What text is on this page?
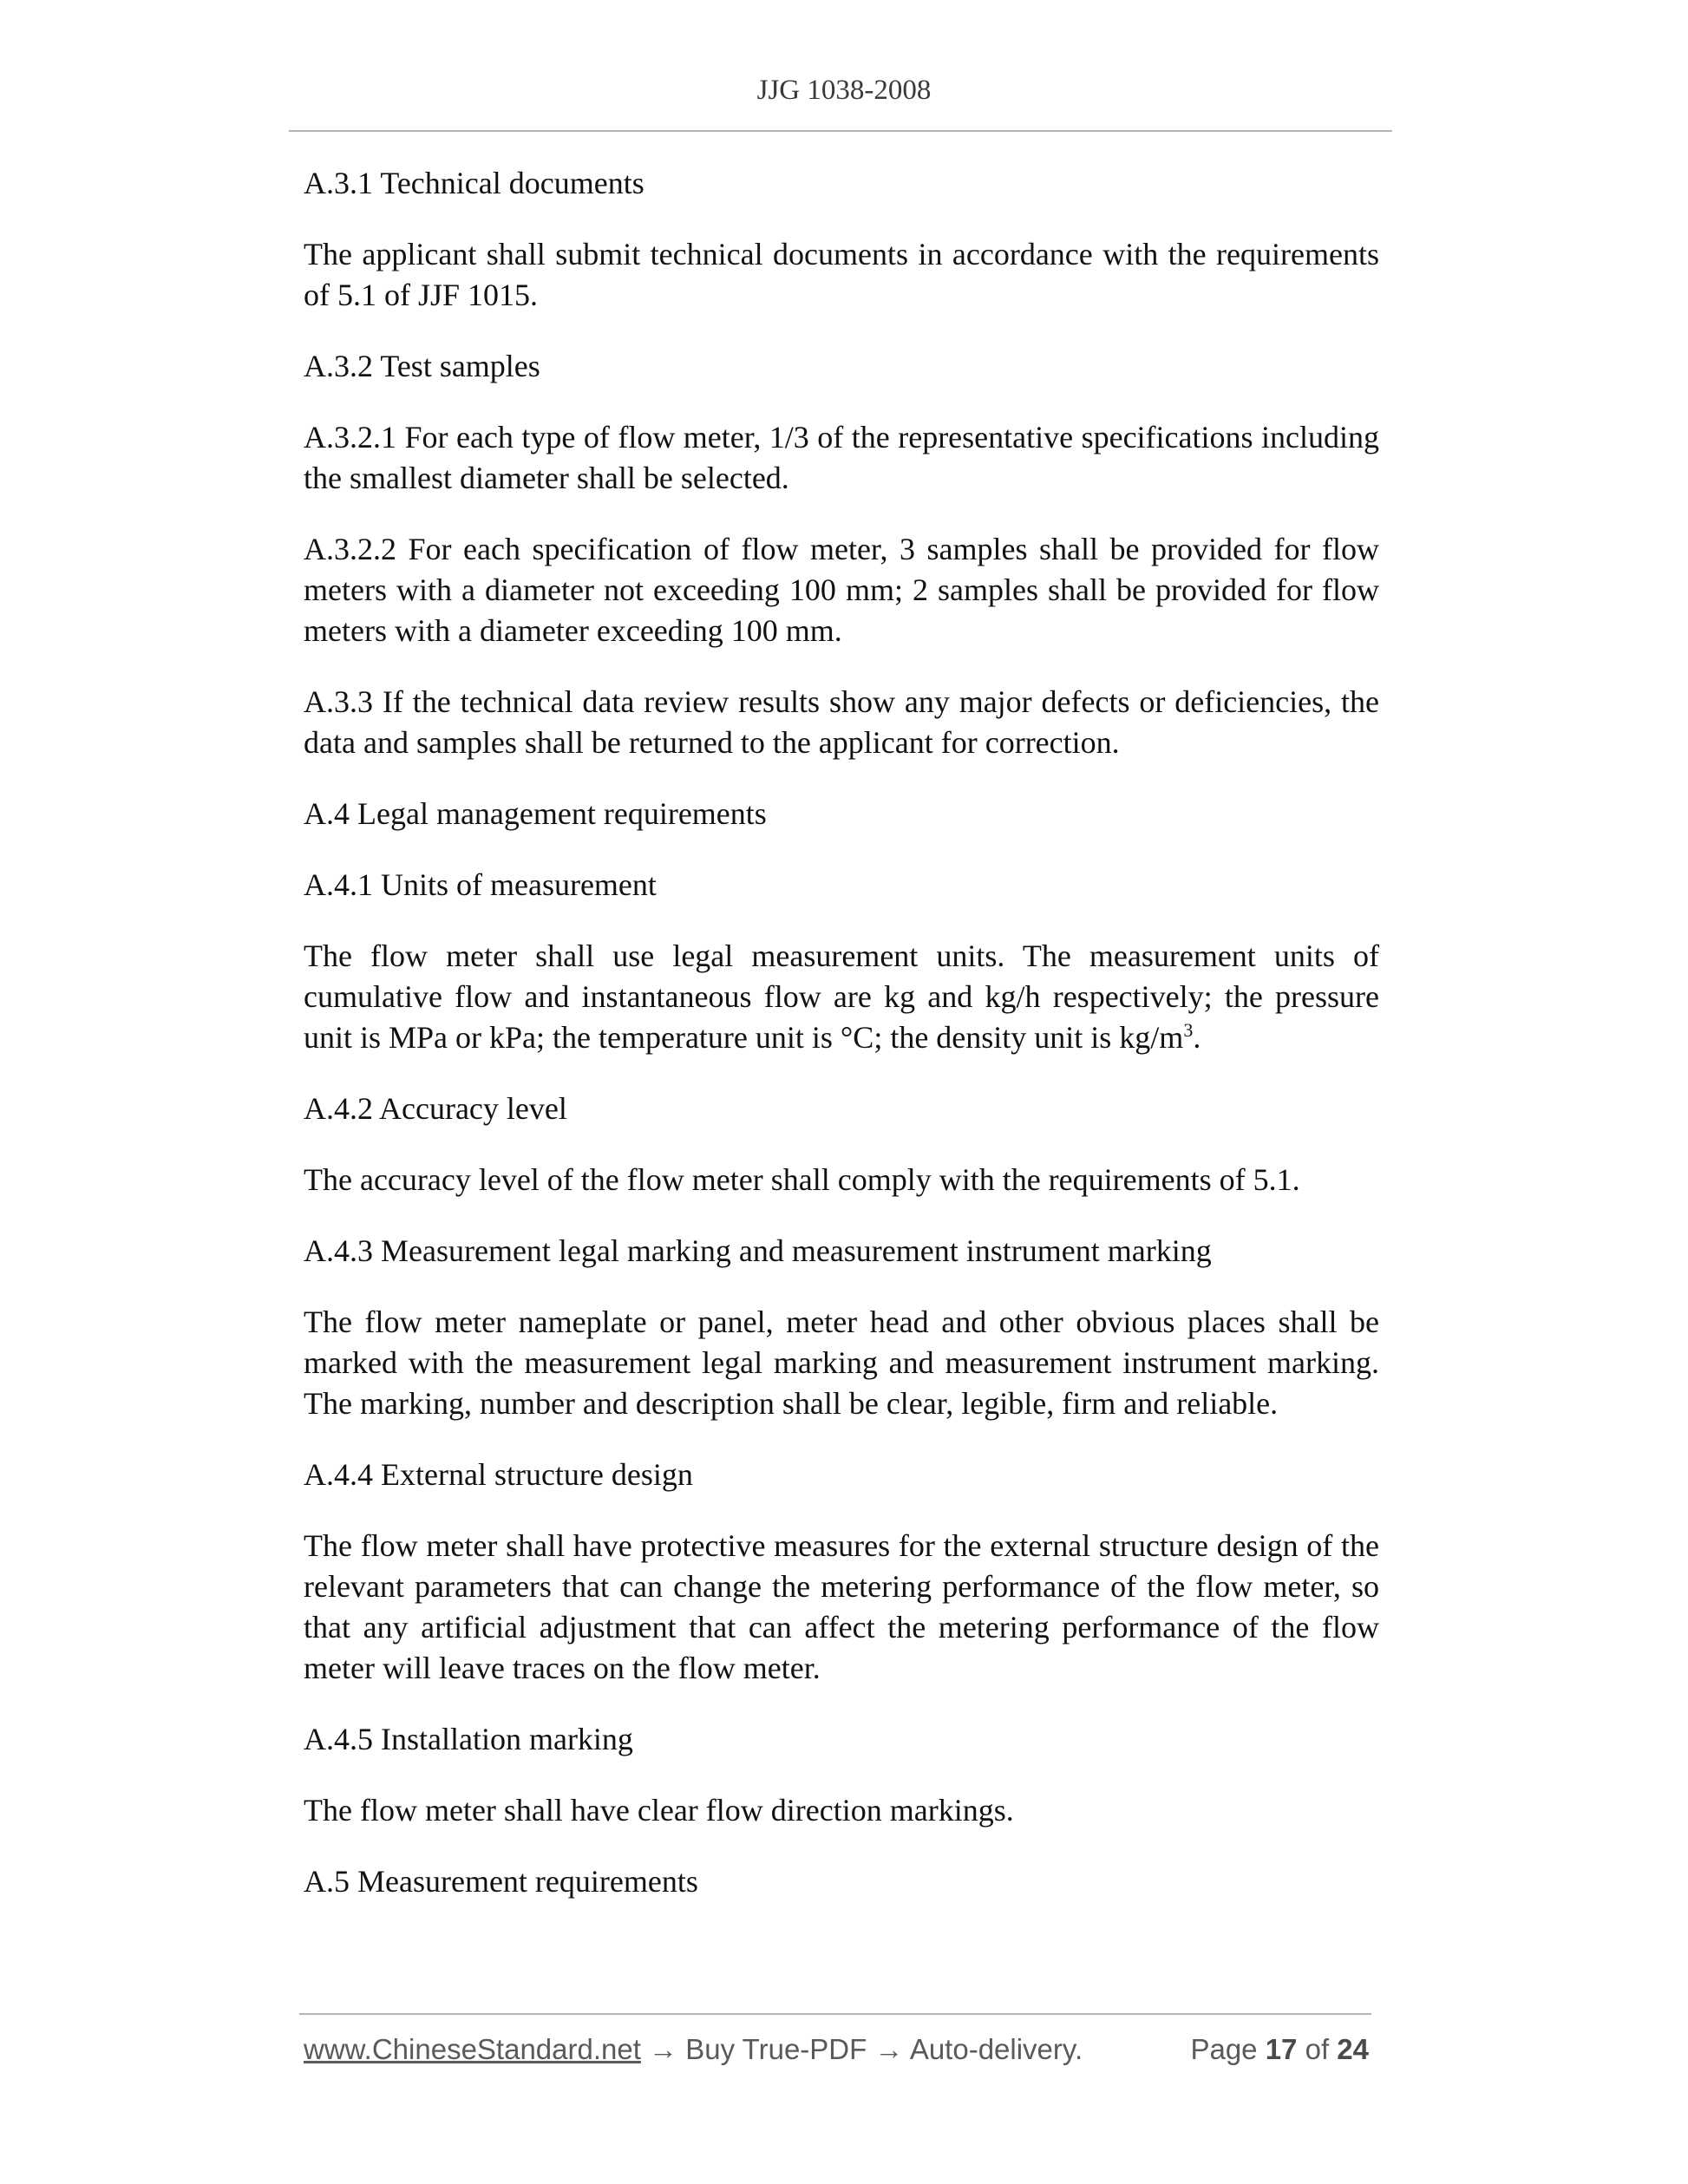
JJG 1038-2008

A.3.1 Technical documents

The applicant shall submit technical documents in accordance with the requirements of 5.1 of JJF 1015.

A.3.2 Test samples

A.3.2.1 For each type of flow meter, 1/3 of the representative specifications including the smallest diameter shall be selected.

A.3.2.2 For each specification of flow meter, 3 samples shall be provided for flow meters with a diameter not exceeding 100 mm; 2 samples shall be provided for flow meters with a diameter exceeding 100 mm.

A.3.3 If the technical data review results show any major defects or deficiencies, the data and samples shall be returned to the applicant for correction.

A.4 Legal management requirements

A.4.1 Units of measurement

The flow meter shall use legal measurement units. The measurement units of cumulative flow and instantaneous flow are kg and kg/h respectively; the pressure unit is MPa or kPa; the temperature unit is °C; the density unit is $kg/m^3$.

A.4.2 Accuracy level

The accuracy level of the flow meter shall comply with the requirements of 5.1.

A.4.3 Measurement legal marking and measurement instrument marking

The flow meter nameplate or panel, meter head and other obvious places shall be marked with the measurement legal marking and measurement instrument marking. The marking, number and description shall be clear, legible, firm and reliable.

A.4.4 External structure design

The flow meter shall have protective measures for the external structure design of the relevant parameters that can change the metering performance of the flow meter, so that any artificial adjustment that can affect the metering performance of the flow meter will leave traces on the flow meter.

A.4.5 Installation marking

The flow meter shall have clear flow direction markings.

A.5 Measurement requirements

www.ChineseStandard.net → Buy True-PDF → Auto-delivery.	Page 17 of 24
